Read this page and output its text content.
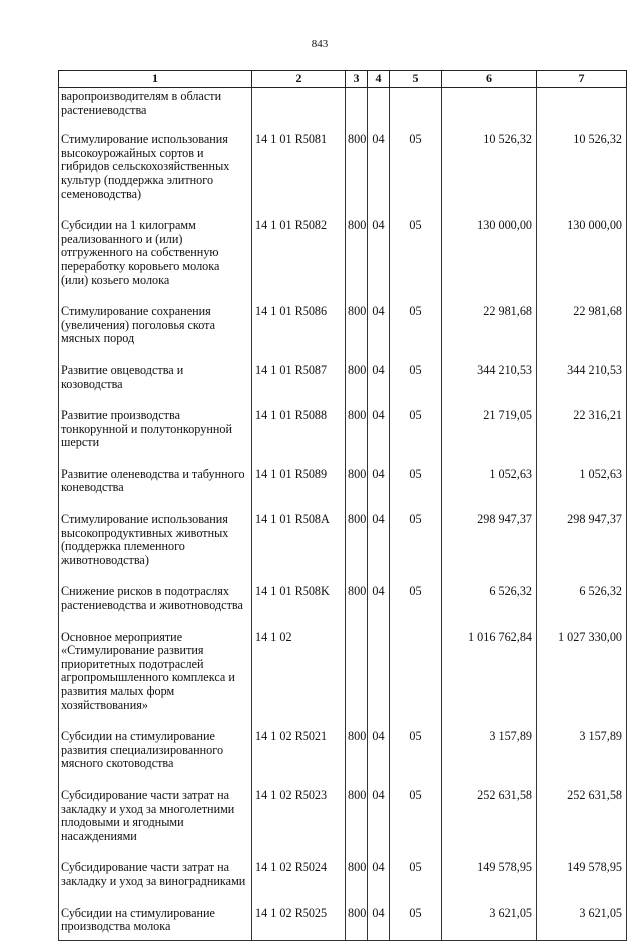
843
1	2	3	4	5	6	7
варопроизводителям в области растениеводства						
Стимулирование использования высокоурожайных сортов и гибридов сельскохозяйственных культур (поддержка элитного семеноводства)	14 1 01 R5081	800	04	05	10 526,32	10 526,32
Субсидии на 1 килограмм реализованного и (или) отгруженного на собственную переработку коровьего молока (или) козьего молока	14 1 01 R5082	800	04	05	130 000,00	130 000,00
Стимулирование сохранения (увеличения) поголовья скота мясных пород	14 1 01 R5086	800	04	05	22 981,68	22 981,68
Развитие овцеводства и козоводства	14 1 01 R5087	800	04	05	344 210,53	344 210,53
Развитие производства тонкорунной и полутонкорунной шерсти	14 1 01 R5088	800	04	05	21 719,05	22 316,21
Развитие оленеводства и табунного коневодства	14 1 01 R5089	800	04	05	1 052,63	1 052,63
Стимулирование использования высокопродуктивных животных (поддержка племенного животноводства)	14 1 01 R508A	800	04	05	298 947,37	298 947,37
Снижение рисков в подотраслях растениеводства и животноводства	14 1 01 R508K	800	04	05	6 526,32	6 526,32
Основное мероприятие «Стимулирование развития приоритетных подотраслей агропромышленного комплекса и развития малых форм хозяйствования»	14 1 02				1 016 762,84	1 027 330,00
Субсидии на стимулирование развития специализированного мясного скотоводства	14 1 02 R5021	800	04	05	3 157,89	3 157,89
Субсидирование части затрат на закладку и уход за многолетними плодовыми и ягодными насаждениями	14 1 02 R5023	800	04	05	252 631,58	252 631,58
Субсидирование части затрат на закладку и уход за виноградниками	14 1 02 R5024	800	04	05	149 578,95	149 578,95
Субсидии на стимулирование производства молока	14 1 02 R5025	800	04	05	3 621,05	3 621,05
